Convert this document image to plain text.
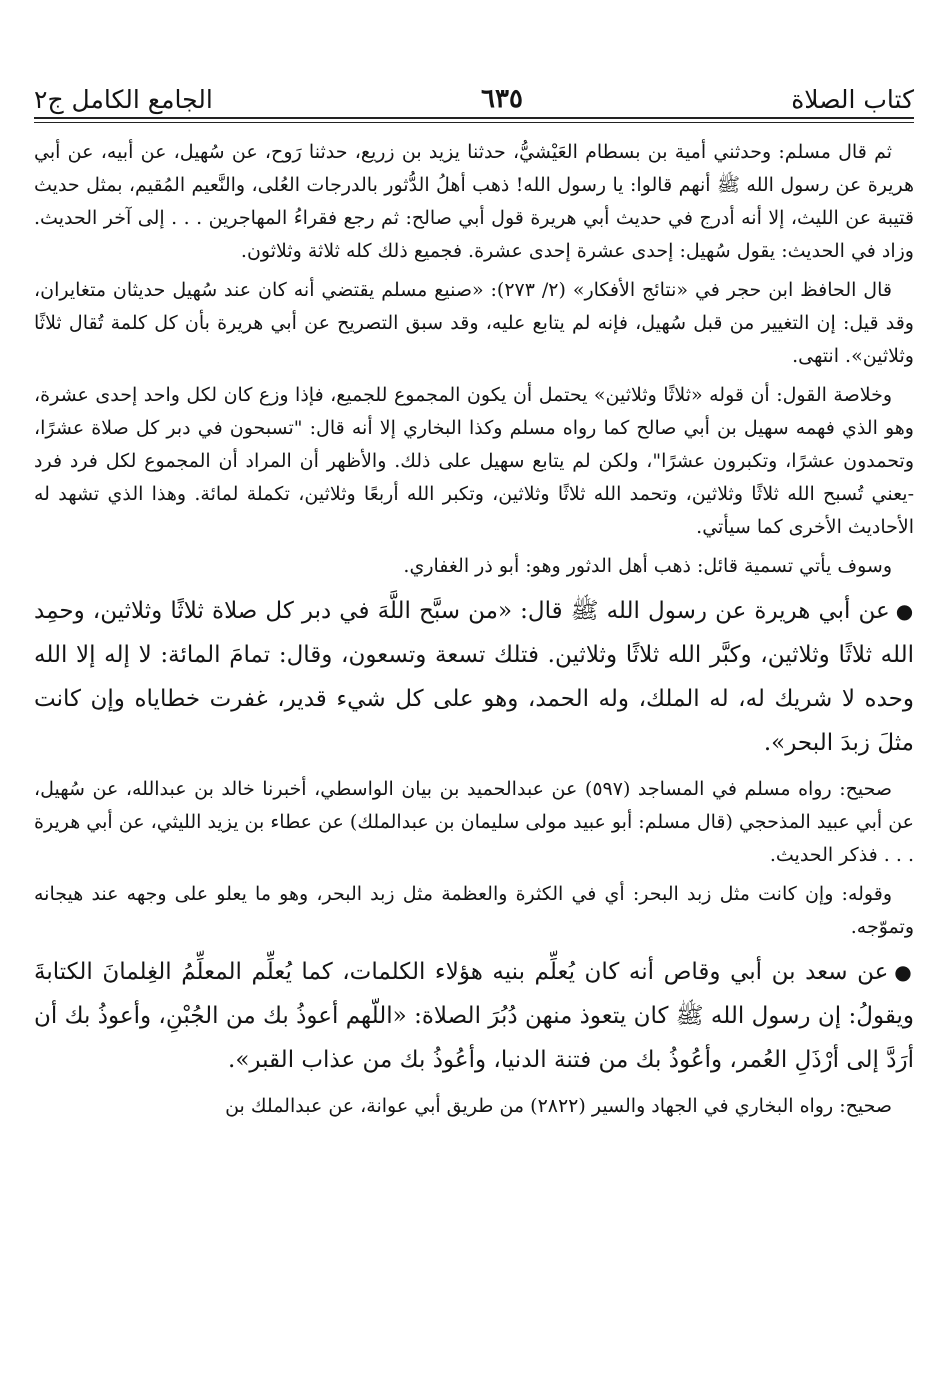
كتاب الصلاة
٦٣٥
الجامع الكامل ج٢

ثم قال مسلم: وحدثني أمية بن بسطام العَيْشيُّ، حدثنا يزيد بن زريع، حدثنا رَوح، عن سُهيل، عن أبيه، عن أبي هريرة عن رسول الله ﷺ أنهم قالوا: يا رسول الله! ذهب أهلُ الدُّثور بالدرجات العُلى، والنَّعيم المُقيم، بمثل حديث قتيبة عن الليث، إلا أنه أدرج في حديث أبي هريرة قول أبي صالح: ثم رجع فقراءُ المهاجرين . . . إلى آخر الحديث. وزاد في الحديث: يقول سُهيل: إحدى عشرة إحدى عشرة. فجميع ذلك كله ثلاثة وثلاثون.

قال الحافظ ابن حجر في «نتائج الأفكار» (٢/ ٢٧٣): «صنيع مسلم يقتضي أنه كان عند سُهيل حديثان متغايران، وقد قيل: إن التغيير من قبل سُهيل، فإنه لم يتابع عليه، وقد سبق التصريح عن أبي هريرة بأن كل كلمة تُقال ثلاثًا وثلاثين». انتهى.

وخلاصة القول: أن قوله «ثلاثًا وثلاثين» يحتمل أن يكون المجموع للجميع، فإذا وزع كان لكل واحد إحدى عشرة، وهو الذي فهمه سهيل بن أبي صالح كما رواه مسلم وكذا البخاري إلا أنه قال: "تسبحون في دبر كل صلاة عشرًا، وتحمدون عشرًا، وتكبرون عشرًا"، ولكن لم يتابع سهيل على ذلك. والأظهر أن المراد أن المجموع لكل فرد فرد -يعني تُسبح الله ثلاثًا وثلاثين، وتحمد الله ثلاثًا وثلاثين، وتكبر الله أربعًا وثلاثين، تكملة لمائة. وهذا الذي تشهد له الأحاديث الأخرى كما سيأتي.

وسوف يأتي تسمية قائل: ذهب أهل الدثور وهو: أبو ذر الغفاري.

●عن أبي هريرة عن رسول الله ﷺ قال: «من سبَّح اللَّهَ في دبر كل صلاة ثلاثًا وثلاثين، وحمِد الله ثلاثًا وثلاثين، وكبَّر الله ثلاثًا وثلاثين. فتلك تسعة وتسعون، وقال: تمامَ المائة: لا إله إلا الله وحده لا شريك له، له الملك، وله الحمد، وهو على كل شيء قدير، غفرت خطاياه وإن كانت مثلَ زبدَ البحر».

صحيح: رواه مسلم في المساجد (٥٩٧) عن عبدالحميد بن بيان الواسطي، أخبرنا خالد بن عبدالله، عن سُهيل، عن أبي عبيد المذحجي (قال مسلم: أبو عبيد مولى سليمان بن عبدالملك) عن عطاء بن يزيد الليثي، عن أبي هريرة . . . فذكر الحديث.

وقوله: وإن كانت مثل زبد البحر: أي في الكثرة والعظمة مثل زبد البحر، وهو ما يعلو على وجهه عند هيجانه وتموّجه.

●عن سعد بن أبي وقاص أنه كان يُعلِّم بنيه هؤلاء الكلمات، كما يُعلِّم المعلِّمُ الغِلمانَ الكتابةَ ويقولُ: إن رسول الله ﷺ كان يتعوذ منهن دُبُرَ الصلاة: «اللّهم أعوذُ بك من الجُبْنِ، وأعوذُ بك أن أرَدَّ إلى أرْذَلِ العُمر، وأعُوذُ بك من فتنة الدنيا، وأعُوذُ بك من عذاب القبر».

صحيح: رواه البخاري في الجهاد والسير (٢٨٢٢) من طريق أبي عوانة، عن عبدالملك بن
